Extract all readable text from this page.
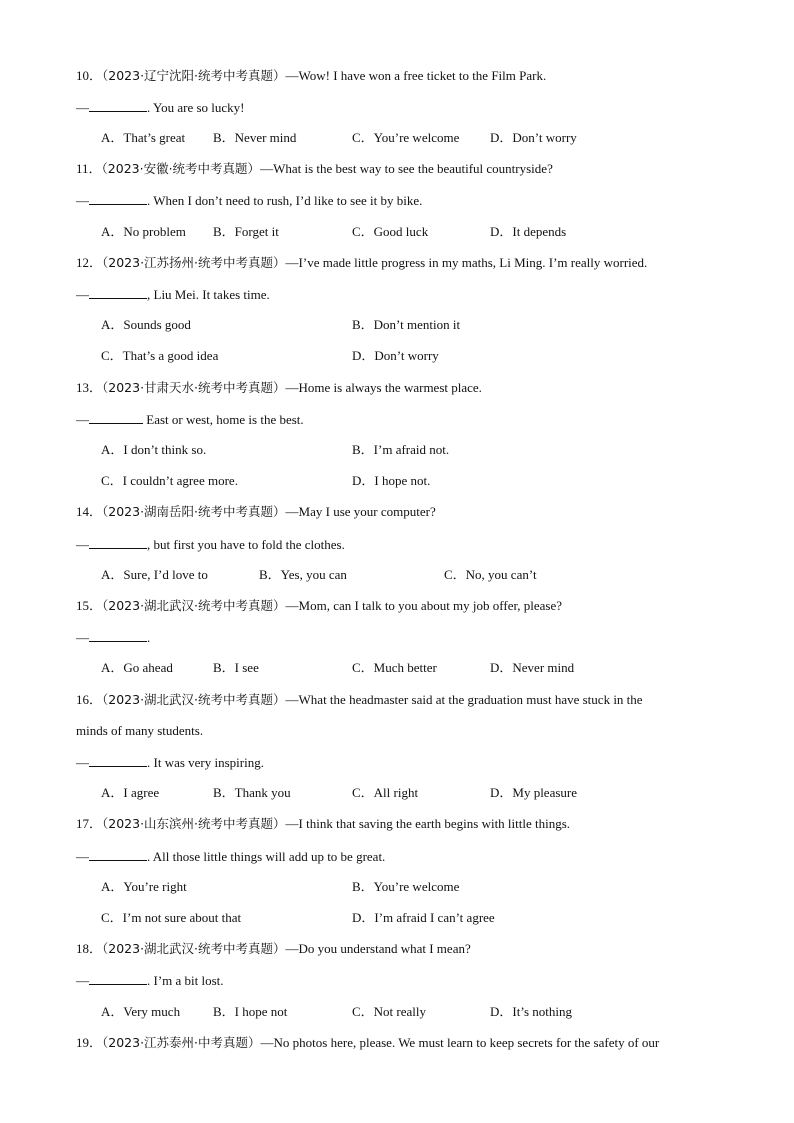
10．（2023·辽宁沈阳·统考中考真题）—Wow! I have won a free ticket to the Film Park.
—	. You are so lucky!
A．That’s great B．Never mind	C．You’re welcome D．Don’t worry
11．（2023·安徽·统考中考真题）—What is the best way to see the beautiful countryside?
—	. When I don’t need to rush, I’d like to see it by bike.
A．No problem B．Forget it	C．Good luck	D．It depends
12．（2023·江苏扬州·统考中考真题）—I’ve made little progress in my maths, Li Ming. I’m really worried.
—	, Liu Mei. It takes time.
A．Sounds good	B．Don’t mention it
C．That’s a good idea	D．Don’t worry
13．（2023·甘肃天水·统考中考真题）—Home is always the warmest place.
—	East or west, home is the best.
A．I don’t think so.	B．I’m afraid not.
C．I couldn’t agree more.	D．I hope not.
14．（2023·湖南岳阳·统考中考真题）—May I use your computer?
—	, but first you have to fold the clothes.
A．Sure, I’d love to	B．Yes, you can	C．No, you can’t
15．（2023·湖北武汉·统考中考真题）—Mom, can I talk to you about my job offer, please?
—	.
A．Go ahead	B．I see	C．Much better	D．Never mind
16．（2023·湖北武汉·统考中考真题）—What the headmaster said at the graduation must have stuck in the
minds of many students.
—	. It was very inspiring.
A．I agree	B．Thank you	C．All right	D．My pleasure
17．（2023·山东滨州·统考中考真题）—I think that saving the earth begins with little things.
—	. All those little things will add up to be great.
A．You’re right	B．You’re welcome
C．I’m not sure about that	D．I’m afraid I can’t agree
18．（2023·湖北武汉·统考中考真题）—Do you understand what I mean?
—	. I’m a bit lost.
A．Very much	B．I hope not	C．Not really	D．It’s nothing
19．（2023·江苏泰州·中考真题）—No photos here, please. We must learn to keep secrets for the safety of our
